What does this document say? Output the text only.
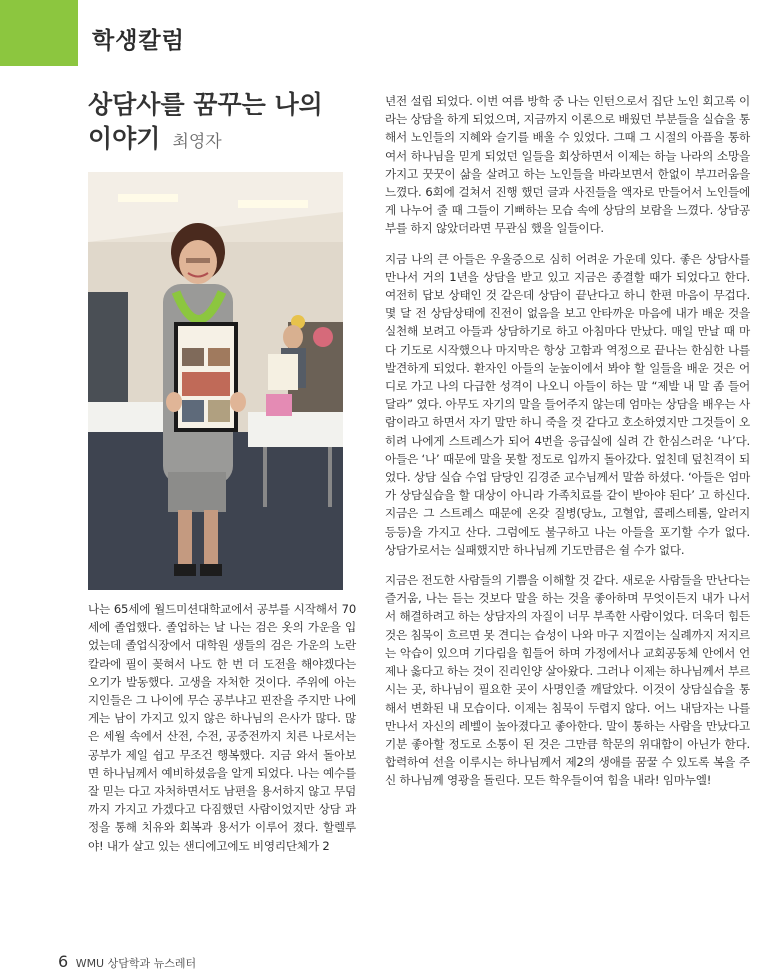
학생칼럼
상담사를 꿈꾸는 나의
이야기 최영자

나는 65세에 월드미션대학교에서 공부를 시작해서 70세에 졸업했다. 졸업하는 날 나는 검은 옷의 가운을 입었는데 졸업식장에서 대학원 생들의 검은 가운의 노란 칼라에 필이 꽂혀서 나도 한 번 더 도전을 해야겠다는 오기가 발동했다. 고생을 자처한 것이다. 주위에 아는 지인들은 그 나이에 무슨 공부냐고 핀잔을 주지만 나에게는 남이 가지고 있지 않은 하나님의 은사가 많다. 많은 세월 속에서 산전, 수전, 공중전까지 치른 나로서는 공부가 제일 쉽고 무조건 행복했다. 지금 와서 돌아보면 하나님께서 예비하셨음을 알게 되었다. 나는 예수를 잘 믿는 다고 자처하면서도 남편을 용서하지 않고 무덤까지 가지고 가겠다고 다짐했던 사람이었지만 상담 과정을 통해 치유와 회복과 용서가 이루어 졌다. 할렐루야! 내가 살고 있는 샌디에고에도 비영리단체가 2

년전 설립 되었다. 이번 여름 방학 중 나는 인턴으로서 집단 노인 회고록 이라는 상담을 하게 되었으며, 지금까지 이론으로 배웠던 부분들을 실습을 통해서 노인들의 지혜와 슬기를 배울 수 있었다. 그때 그 시절의 아픔을 통하여서 하나님을 믿게 되었던 일들을 회상하면서 이제는 하늘 나라의 소망을 가지고 꿋꿋이 삶을 살려고 하는 노인들을 바라보면서 한없이 부끄러움을 느꼈다. 6회에 걸쳐서 진행 했던 글과 사진들을 액자로 만들어서 노인들에게 나누어 줄 때 그들이 기뻐하는 모습 속에 상담의 보람을 느꼈다. 상담공부를 하지 않았더라면 무관심 했을 일들이다.

지금 나의 큰 아들은 우울증으로 심히 어려운 가운데 있다. 좋은 상담사를 만나서 거의 1년을 상담을 받고 있고 지금은 종결할 때가 되었다고 한다. 여전히 답보 상태인 것 같은데 상담이 끝난다고 하니 한편 마음이 무겁다. 몇 달 전 상담상태에 진전이 없음을 보고 안타까운 마음에 내가 배운 것을 실천해 보려고 아들과 상담하기로 하고 아침마다 만났다. 매일 만날 때 마다 기도로 시작했으나 마지막은 항상 고함과 역정으로 끝나는 한심한 나를 발견하게 되었다. 환자인 아들의 눈높이에서 봐야 할 일들을 배운 것은 어디로 가고 나의 다급한 성격이 나오니 아들이 하는 말 “제발 내 말 좀 들어 달라” 였다. 아무도 자기의 말을 들어주지 않는데 엄마는 상담을 배우는 사람이라고 하면서 자기 말만 하니 죽을 것 같다고 호소하였지만 그것들이 오히려 나에게 스트레스가 되어 4번을 응급실에 실려 간 한심스러운 ‘나’다. 아들은 ‘나’ 때문에 말을 못할 정도로 입까지 돌아갔다. 엎친데 덮친격이 되었다. 상담 실습 수업 담당인 김경준 교수님께서 말씀 하셨다. ‘아들은 엄마가 상담실습을 할 대상이 아니라 가족치료를 같이 받아야 된다’ 고 하신다. 지금은 그 스트레스 때문에 온갖 질병(당뇨, 고혈압, 콜레스테롤, 알러지 등등)을 가지고 산다. 그럼에도 불구하고 나는 아들을 포기할 수가 없다. 상담가로서는 실패했지만 하나님께 기도만큼은 쉴 수가 없다.

지금은 전도한 사람들의 기쁨을 이해할 것 같다. 새로운 사람들을 만난다는 즐거움, 나는 듣는 것보다 말을 하는 것을 좋아하며 무엇이든지 내가 나서서 해결하려고 하는 상담자의 자질이 너무 부족한 사람이었다. 더욱더 힘든 것은 침묵이 흐르면 못 견디는 습성이 나와 마구 지껄이는 실례까지 저지르는 악습이 있으며 기다림을 힘들어 하며 가정에서나 교회공동체 안에서 언제나 옳다고 하는 것이 진리인양 살아왔다. 그러나 이제는 하나님께서 부르시는 곳, 하나님이 필요한 곳이 사명인줄 깨달았다. 이것이 상담실습을 통해서 변화된 내 모습이다. 이제는 침묵이 두렵지 않다. 어느 내담자는 나를 만나서 자신의 레벨이 높아졌다고 좋아한다. 말이 통하는 사람을 만났다고 기분 좋아할 정도로 소통이 된 것은 그만큼 학문의 위대함이 아닌가 한다. 합력하여 선을 이루시는 하나님께서 제2의 생애를 꿈꿀 수 있도록 복을 주신 하나님께 영광을 돌린다. 모든 학우들이여 힘을 내라! 임마누엘!

6 WMU 상담학과 뉴스레터
